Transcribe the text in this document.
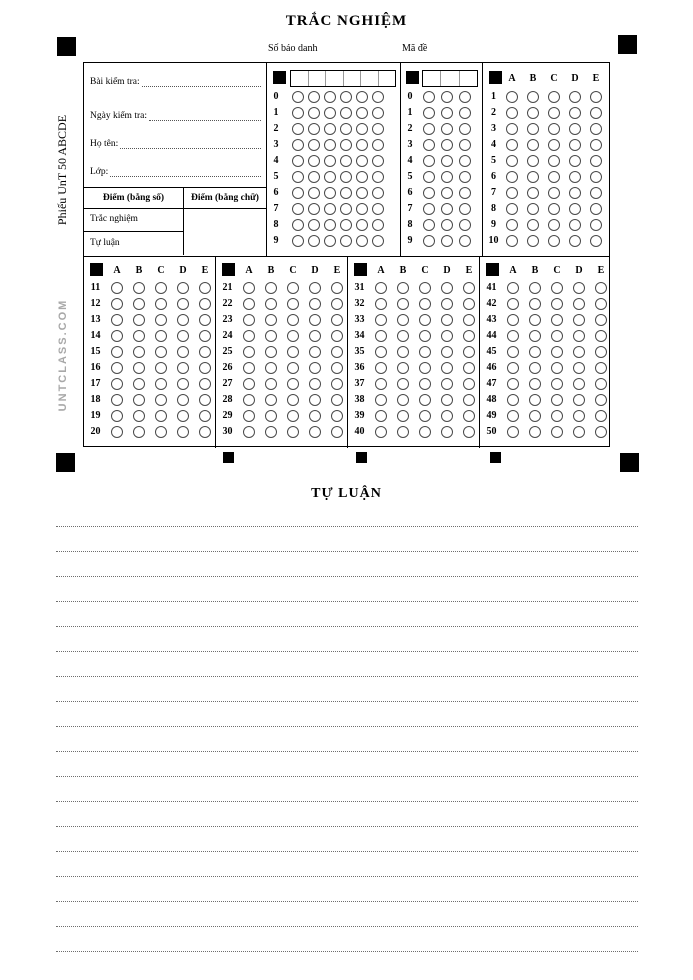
TRẮC NGHIỆM
Số báo danh	Mã đề
Phiếu UnT 50 ABCDE
UNTCLASS.COM
Bài kiểm tra:
Ngày kiểm tra:
Họ tên:
Lớp:
Điểm (bằng số)	Điểm (bằng chữ)
Trắc nghiệm
Tự luận
0
1
2
3
4
5
6
7
8
9
0
1
2
3
4
5
6
7
8
9
A	B	C	D	E
1
2
3
4
5
6
7
8
9
10
A	B	C	D	E
11
12
13
14
15
16
17
18
19
20
A	B	C	D	E
21
22
23
24
25
26
27
28
29
30
A	B	C	D	E
31
32
33
34
35
36
37
38
39
40
A	B	C	D	E
41
42
43
44
45
46
47
48
49
50
TỰ LUẬN
